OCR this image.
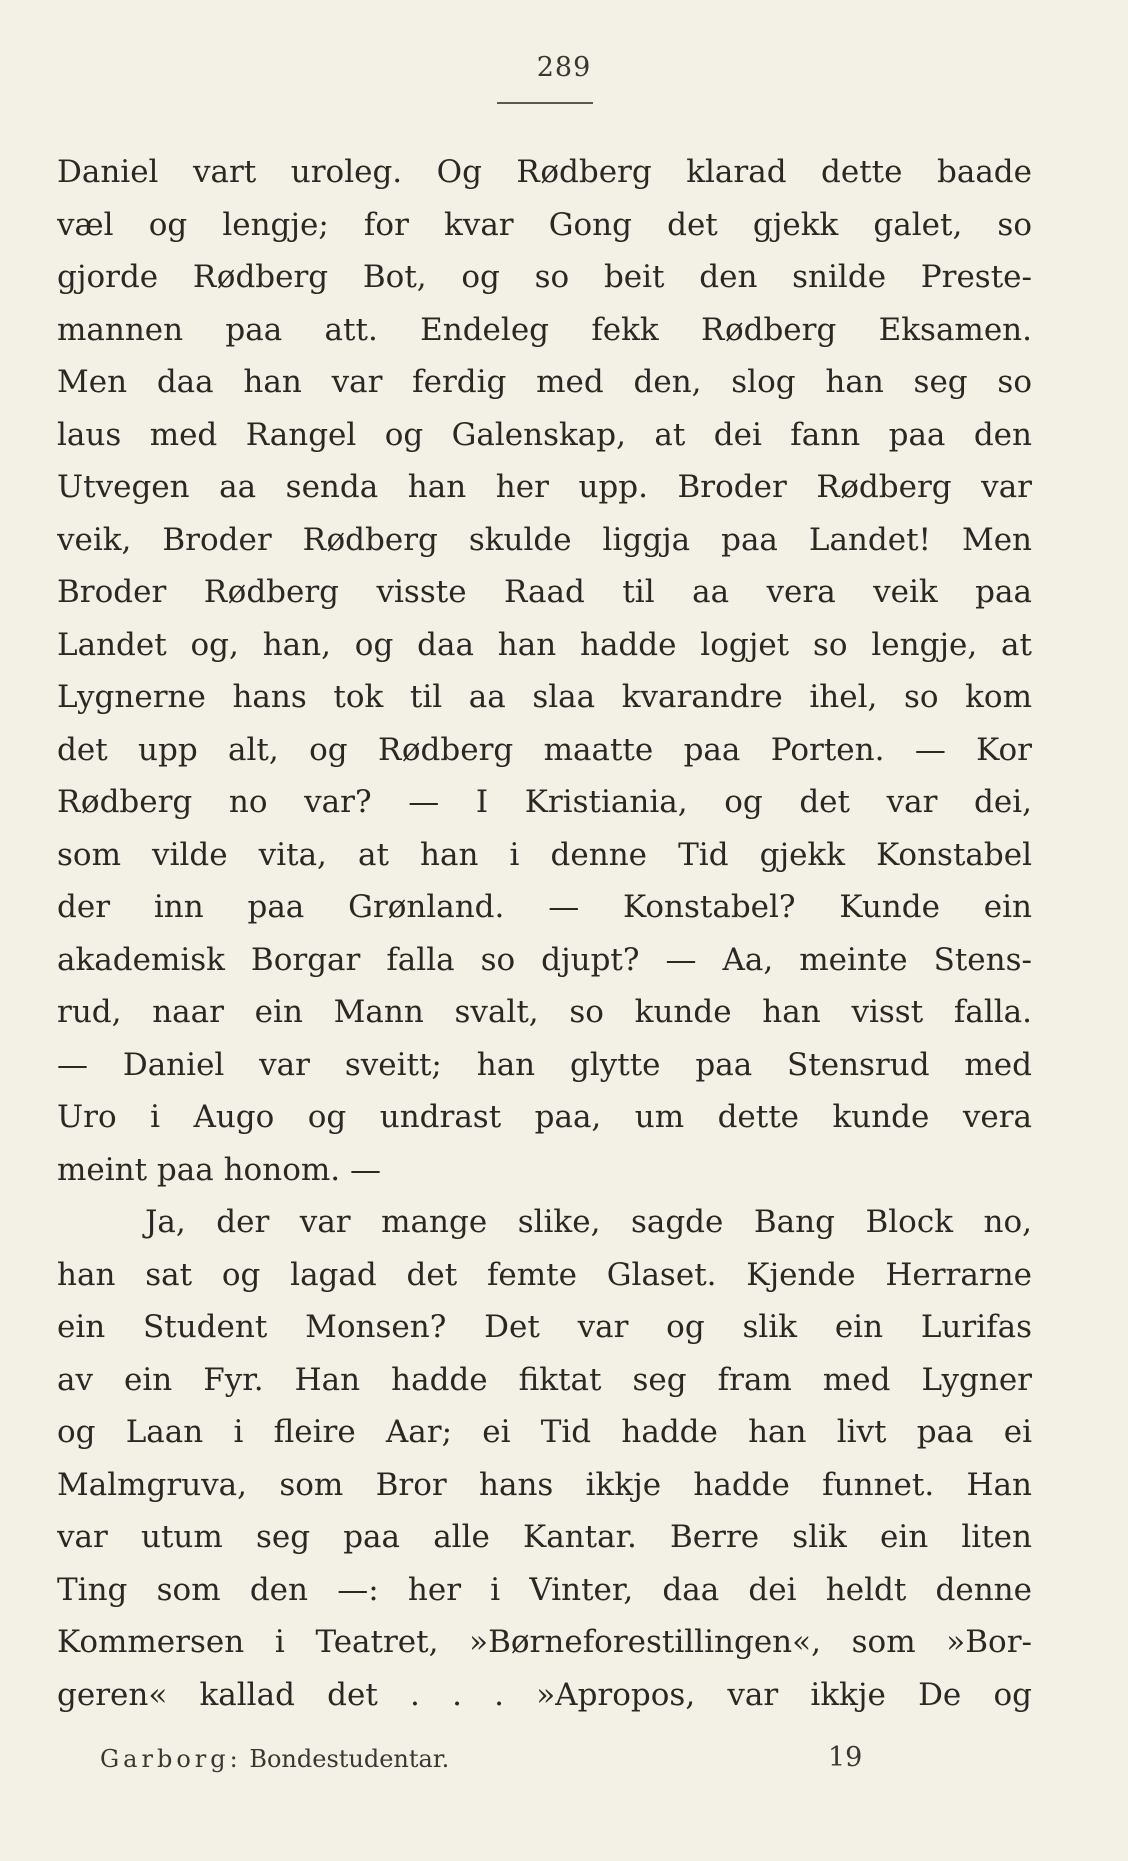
289
Daniel vart uroleg. Og Rødberg klarad dette baade
væl og lengje; for kvar Gong det gjekk galet, so
gjorde Rødberg Bot, og so beit den snilde Preste-
mannen paa att. Endeleg fekk Rødberg Eksamen.
Men daa han var ferdig med den, slog han seg so
laus med Rangel og Galenskap, at dei fann paa den
Utvegen aa senda han her upp. Broder Rødberg var
veik, Broder Rødberg skulde liggja paa Landet! Men
Broder Rødberg visste Raad til aa vera veik paa
Landet og, han, og daa han hadde logjet so lengje, at
Lygnerne hans tok til aa slaa kvarandre ihel, so kom
det upp alt, og Rødberg maatte paa Porten. — Kor
Rødberg no var? — I Kristiania, og det var dei,
som vilde vita, at han i denne Tid gjekk Konstabel
der inn paa Grønland. — Konstabel? Kunde ein
akademisk Borgar falla so djupt? — Aa, meinte Stens-
rud, naar ein Mann svalt, so kunde han visst falla.
— Daniel var sveitt; han glytte paa Stensrud med
Uro i Augo og undrast paa, um dette kunde vera
meint paa honom. —
Ja, der var mange slike, sagde Bang Block no,
han sat og lagad det femte Glaset. Kjende Herrarne
ein Student Monsen? Det var og slik ein Lurifas
av ein Fyr. Han hadde fiktat seg fram med Lygner
og Laan i fleire Aar; ei Tid hadde han livt paa ei
Malmgruva, som Bror hans ikkje hadde funnet. Han
var utum seg paa alle Kantar. Berre slik ein liten
Ting som den —: her i Vinter, daa dei heldt denne
Kommersen i Teatret, »Børneforestillingen«, som »Bor-
geren« kallad det . . . »Apropos, var ikkje De og
Garborg: Bondestudentar.	19
